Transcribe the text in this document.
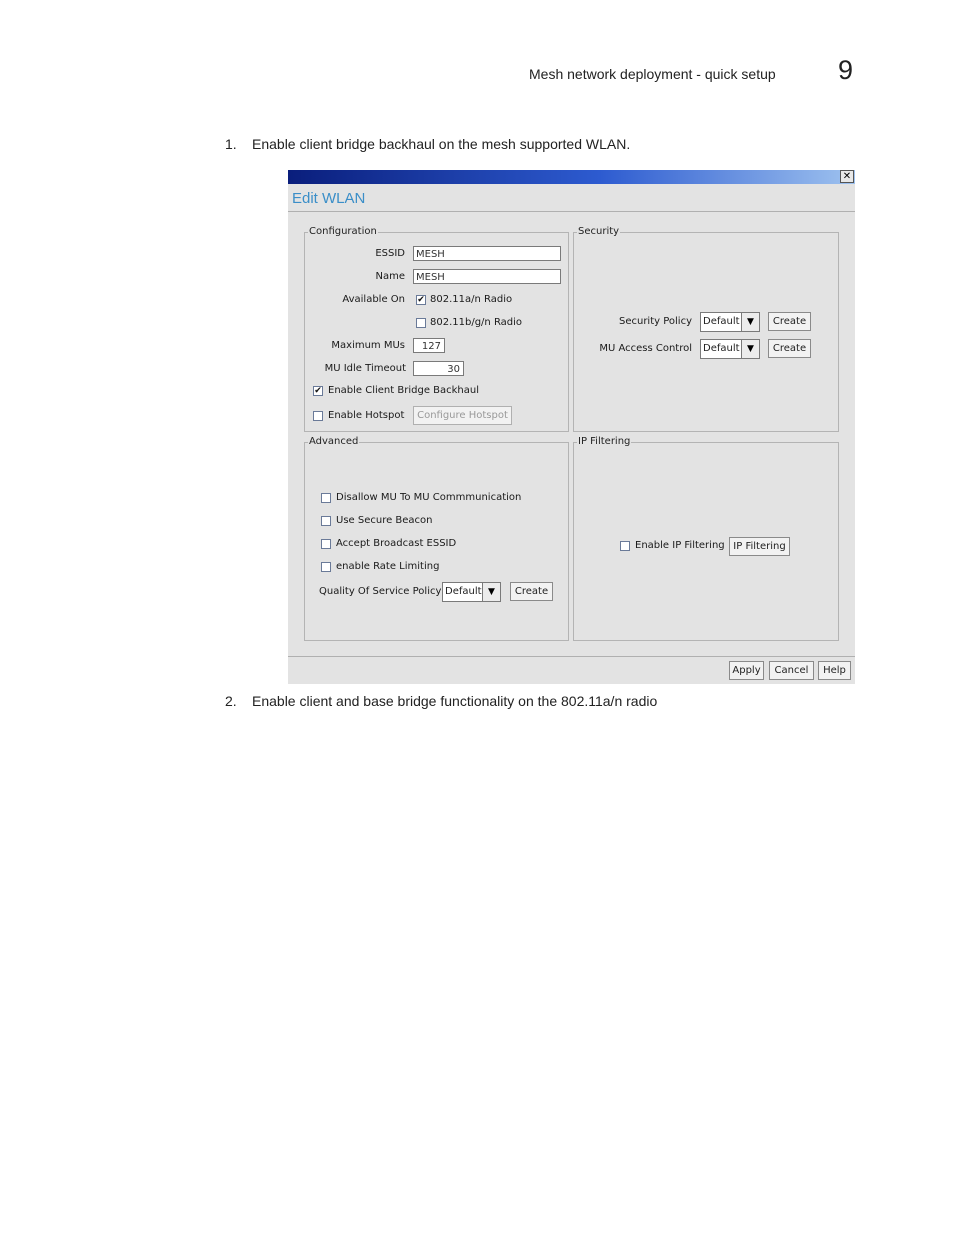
Mesh network deployment - quick setup 9
1. Enable client bridge backhaul on the mesh supported WLAN.
✕
Edit WLAN
Configuration
ESSID	MESH
Name	MESH
Available On ✔ 802.11a/n Radio
802.11b/g/n Radio
Maximum MUs	127
MU Idle Timeout	30
✔ Enable Client Bridge Backhaul
Enable Hotspot	Configure Hotspot
Security
Security Policy Default ▼	Create
MU Access Control Default ▼	Create
Advanced
Disallow MU To MU Commmunication
Use Secure Beacon
Accept Broadcast ESSID
enable Rate Limiting
Quality Of Service Policy Default ▼	Create
IP Filtering
Enable IP Filtering IP Filtering
Apply	Cancel	Help
2. Enable client and base bridge functionality on the 802.11a/n radio
